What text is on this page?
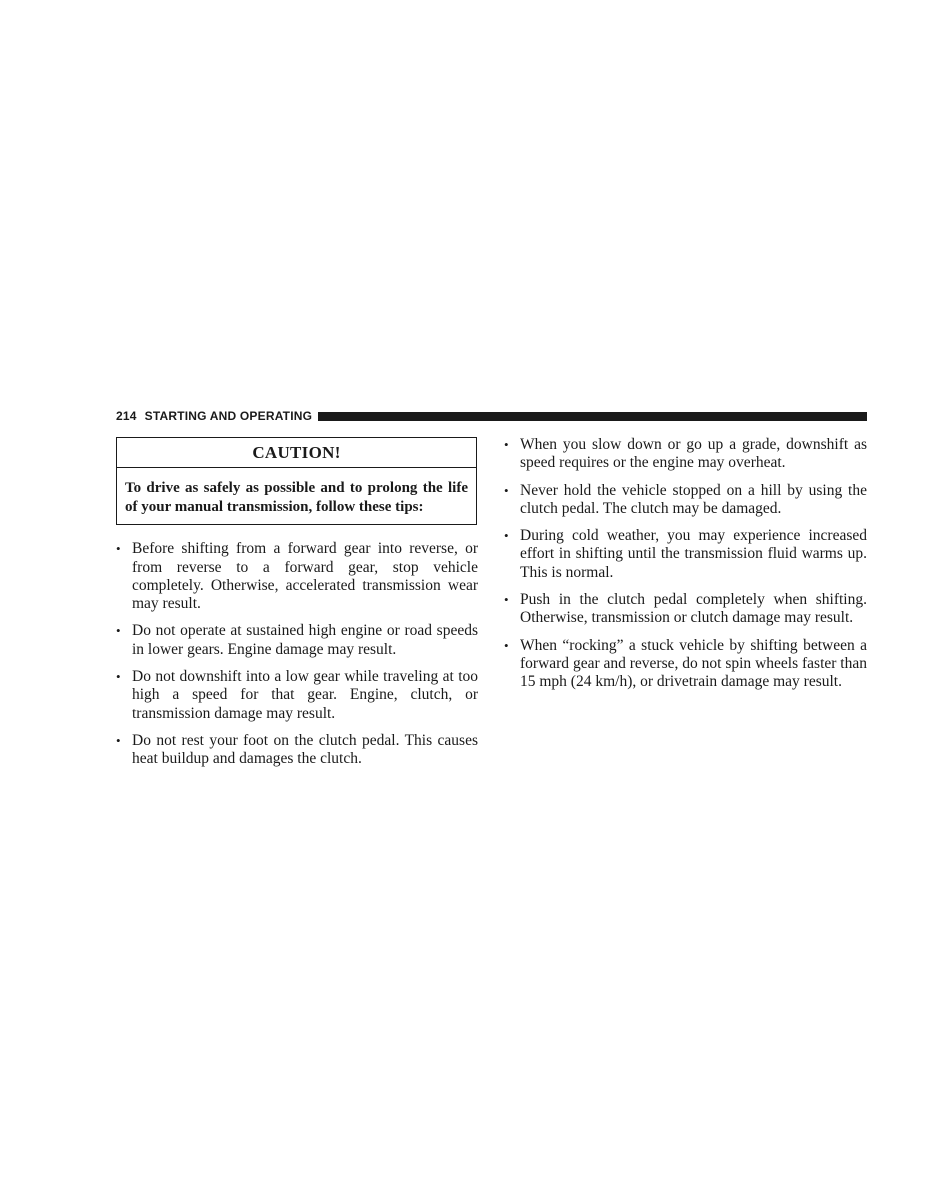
214 STARTING AND OPERATING
CAUTION!
To drive as safely as possible and to prolong the life of your manual transmission, follow these tips:
• Before shifting from a forward gear into reverse, or from reverse to a forward gear, stop vehicle completely. Otherwise, accelerated transmission wear may result.
• Do not operate at sustained high engine or road speeds in lower gears. Engine damage may result.
• Do not downshift into a low gear while traveling at too high a speed for that gear. Engine, clutch, or transmission damage may result.
• Do not rest your foot on the clutch pedal. This causes heat buildup and damages the clutch.
• When you slow down or go up a grade, downshift as speed requires or the engine may overheat.
• Never hold the vehicle stopped on a hill by using the clutch pedal. The clutch may be damaged.
• During cold weather, you may experience increased effort in shifting until the transmission fluid warms up. This is normal.
• Push in the clutch pedal completely when shifting. Otherwise, transmission or clutch damage may result.
• When “rocking” a stuck vehicle by shifting between a forward gear and reverse, do not spin wheels faster than 15 mph (24 km/h), or drivetrain damage may result.
